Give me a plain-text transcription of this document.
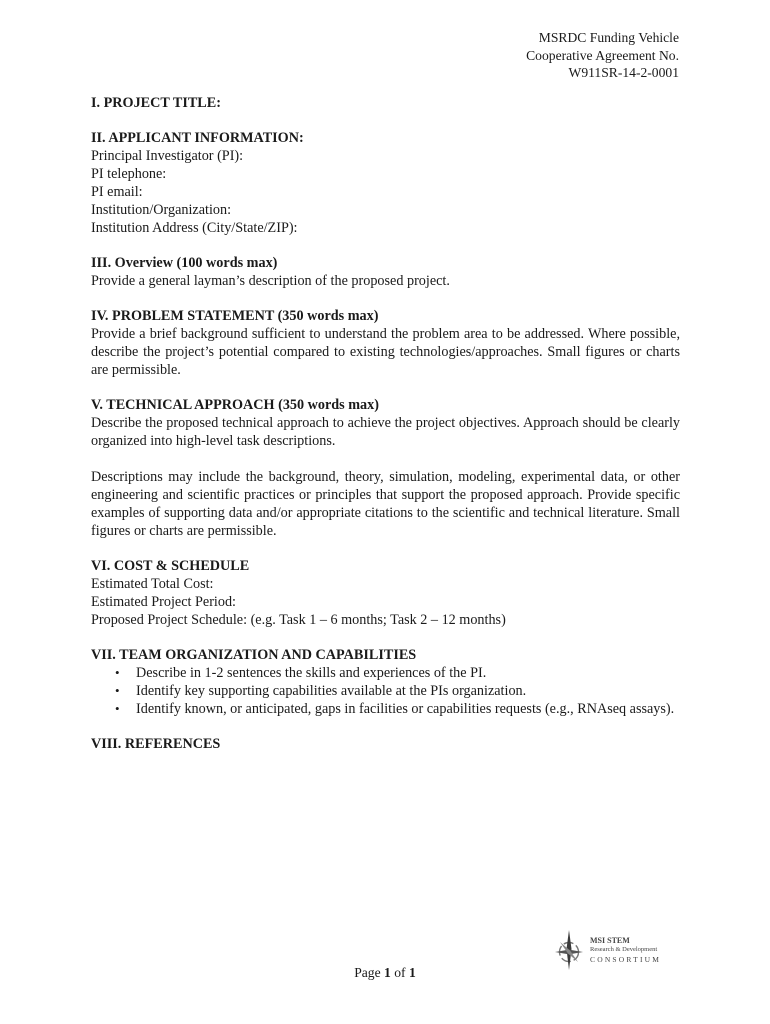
MSRDC Funding Vehicle
Cooperative Agreement No.
W911SR-14-2-0001
I. PROJECT TITLE:
II. APPLICANT INFORMATION:
Principal Investigator (PI):
PI telephone:
PI email:
Institution/Organization:
Institution Address (City/State/ZIP):
III. Overview (100 words max)
Provide a general layman’s description of the proposed project.
IV. PROBLEM STATEMENT (350 words max)
Provide a brief background sufficient to understand the problem area to be addressed. Where possible, describe the project’s potential compared to existing technologies/approaches. Small figures or charts are permissible.
V. TECHNICAL APPROACH (350 words max)
Describe the proposed technical approach to achieve the project objectives. Approach should be clearly organized into high-level task descriptions.
Descriptions may include the background, theory, simulation, modeling, experimental data, or other engineering and scientific practices or principles that support the proposed approach. Provide specific examples of supporting data and/or appropriate citations to the scientific and technical literature. Small figures or charts are permissible.
VI. COST & SCHEDULE
Estimated Total Cost:
Estimated Project Period:
Proposed Project Schedule: (e.g. Task 1 – 6 months; Task 2 – 12 months)
VII. TEAM ORGANIZATION AND CAPABILITIES
• Describe in 1-2 sentences the skills and experiences of the PI.
• Identify key supporting capabilities available at the PIs organization.
• Identify known, or anticipated, gaps in facilities or capabilities requests (e.g., RNAseq assays).
VIII. REFERENCES
MSI STEM
Research & Development
CONSORTIUM
Page 1 of 1
